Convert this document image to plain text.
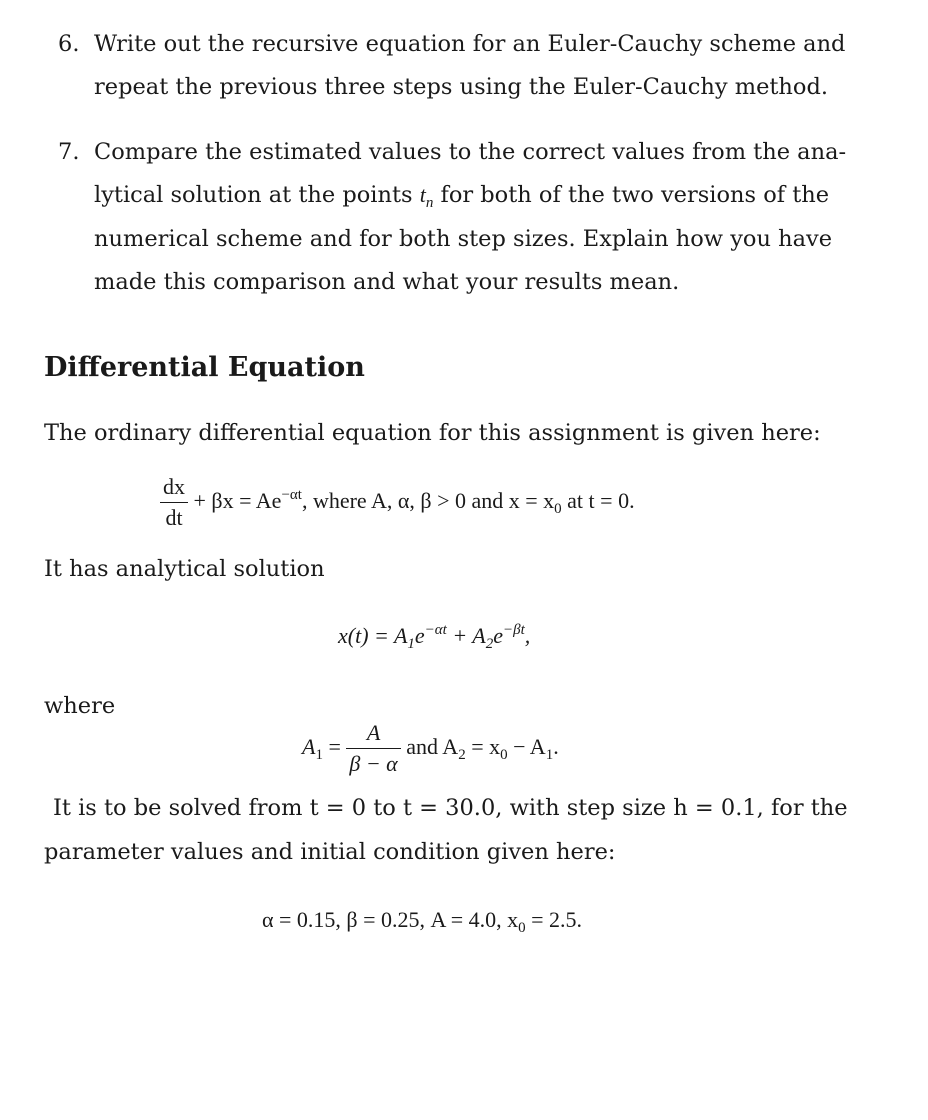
6. Write out the recursive equation for an Euler-Cauchy scheme and
repeat the previous three steps using the Euler-Cauchy method.
7. Compare the estimated values to the correct values from the ana-
lytical solution at the points $t_n$ for both of the two versions of the
numerical scheme and for both step sizes. Explain how you have
made this comparison and what your results mean.
Differential Equation
The ordinary differential equation for this assignment is given here:
$\frac{dx}{dt} + \beta x = Ae^{-\alpha t}$, where A, α, β > 0 and $x = x_0$ at t = 0.
It has analytical solution
$x(t) = A_1e^{-\alpha t} + A_2e^{-\beta t}$,
where
$A_1 = \frac{A}{\beta - \alpha}$ and $A_2 = x_0 - A_1$.
It is to be solved from t = 0 to t = 30.0, with step size h = 0.1, for the
parameter values and initial condition given here:
α = 0.15, β = 0.25, A = 4.0, $x_0 = 2.5$.
